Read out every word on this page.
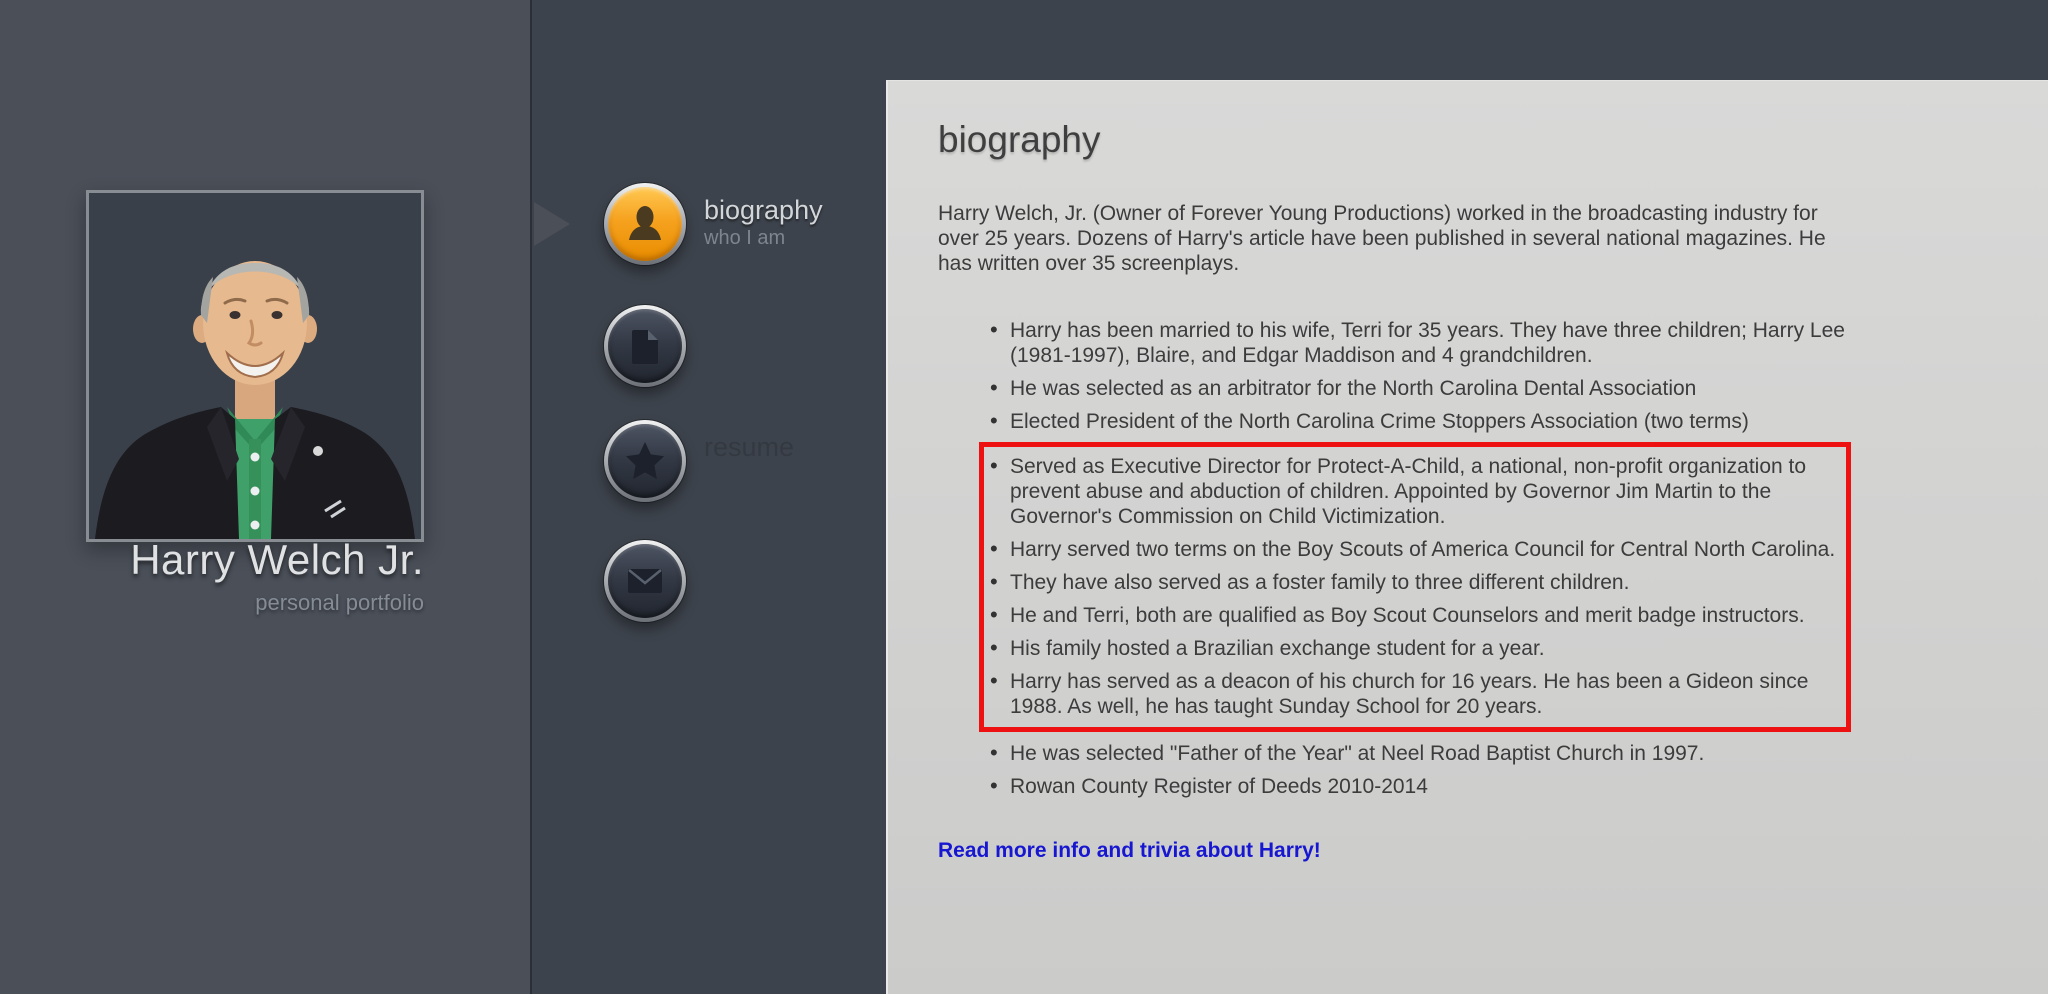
Harry Welch Jr.
personal portfolio
biography
who I am
resume
biography

Harry Welch, Jr. (Owner of Forever Young Productions) worked in the broadcasting industry for over 25 years. Dozens of Harry's article have been published in several national magazines. He has written over 35 screenplays.

• Harry has been married to his wife, Terri for 35 years. They have three children; Harry Lee (1981-1997), Blaire, and Edgar Maddison and 4 grandchildren.
• He was selected as an arbitrator for the North Carolina Dental Association
• Elected President of the North Carolina Crime Stoppers Association (two terms)
• Served as Executive Director for Protect-A-Child, a national, non-profit organization to prevent abuse and abduction of children. Appointed by Governor Jim Martin to the Governor's Commission on Child Victimization.
• Harry served two terms on the Boy Scouts of America Council for Central North Carolina.
• They have also served as a foster family to three different children.
• He and Terri, both are qualified as Boy Scout Counselors and merit badge instructors.
• His family hosted a Brazilian exchange student for a year.
• Harry has served as a deacon of his church for 16 years. He has been a Gideon since 1988. As well, he has taught Sunday School for 20 years.
• He was selected "Father of the Year" at Neel Road Baptist Church in 1997.
• Rowan County Register of Deeds 2010-2014
Read more info and trivia about Harry!
